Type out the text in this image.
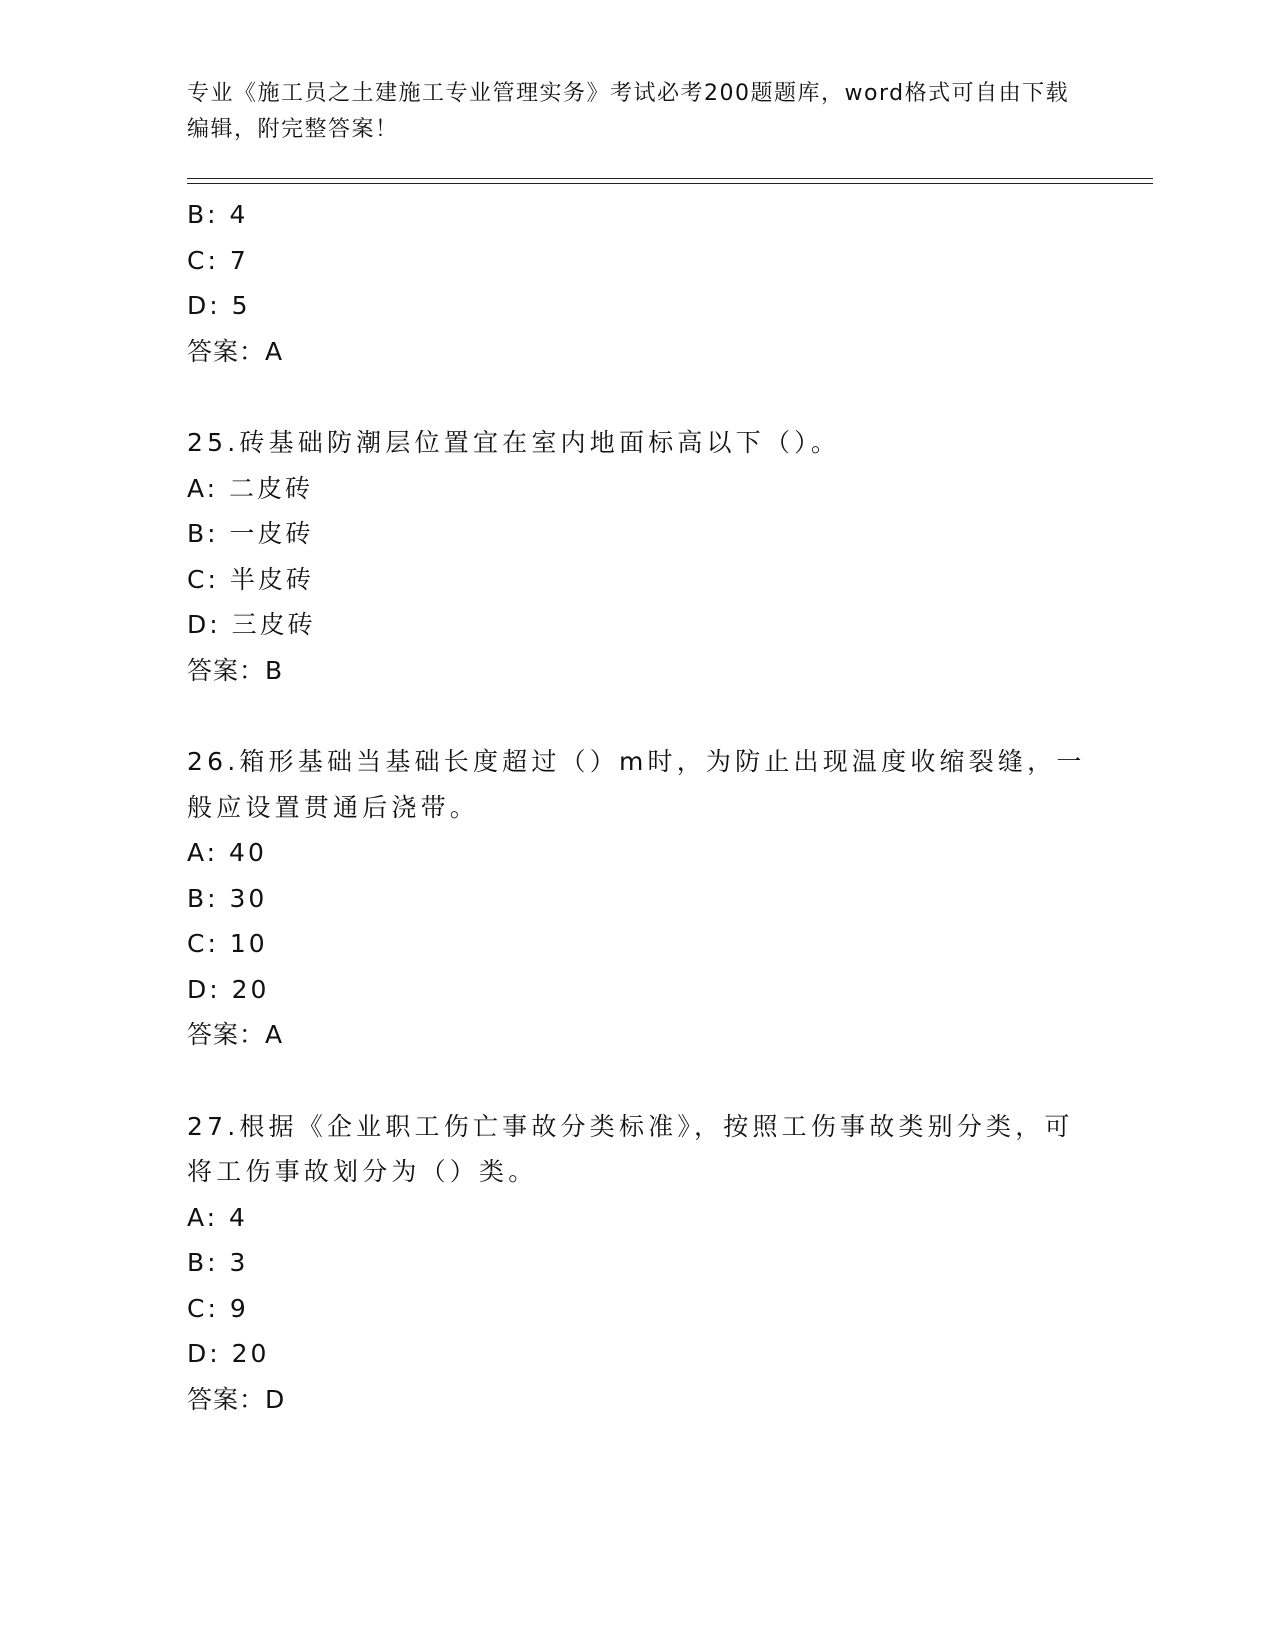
专业《施工员之土建施工专业管理实务》考试必考200题题库，word格式可自由下载编辑，附完整答案！
B: 4
C: 7
D: 5
答案：A
25.砖基础防潮层位置宜在室内地面标高以下（）。
A: 二皮砖
B: 一皮砖
C: 半皮砖
D: 三皮砖
答案：B
26.箱形基础当基础长度超过（）m时，为防止出现温度收缩裂缝，一般应设置贯通后浇带。
A: 40
B: 30
C: 10
D: 20
答案：A
27.根据《企业职工伤亡事故分类标准》，按照工伤事故类别分类，可将工伤事故划分为（）类。
A: 4
B: 3
C: 9
D: 20
答案：D
